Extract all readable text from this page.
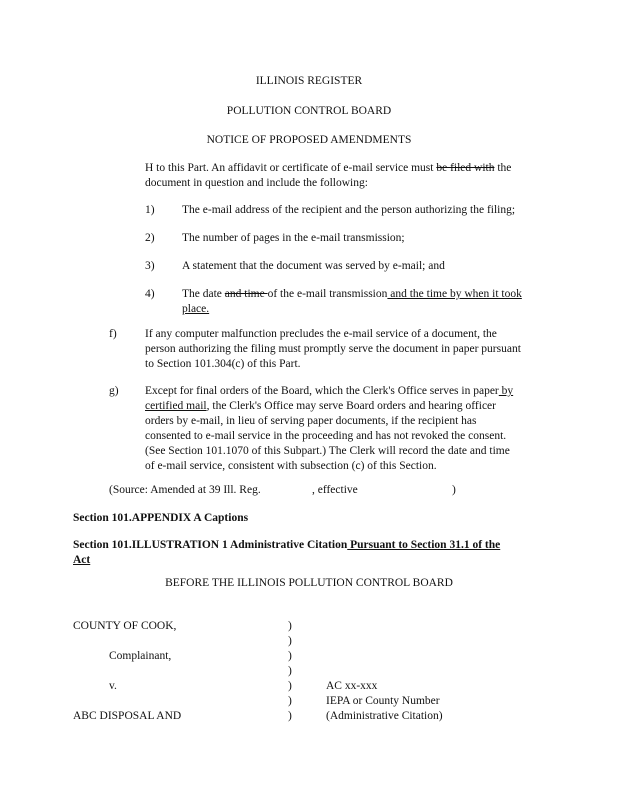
ILLINOIS REGISTER
POLLUTION CONTROL BOARD
NOTICE OF PROPOSED AMENDMENTS
H to this Part. An affidavit or certificate of e-mail service must be filed with the
document in question and include the following:
1) The e-mail address of the recipient and the person authorizing the filing;
2) The number of pages in the e-mail transmission;
3) A statement that the document was served by e-mail; and
4) The date and time of the e-mail transmission and the time by when it took
place.
f) If any computer malfunction precludes the e-mail service of a document, the
person authorizing the filing must promptly serve the document in paper pursuant
to Section 101.304(c) of this Part.
g) Except for final orders of the Board, which the Clerk's Office serves in paper by
certified mail, the Clerk's Office may serve Board orders and hearing officer
orders by e-mail, in lieu of serving paper documents, if the recipient has
consented to e-mail service in the proceeding and has not revoked the consent.
(See Section 101.1070 of this Subpart.) The Clerk will record the date and time
of e-mail service, consistent with subsection (c) of this Section.
(Source: Amended at 39 Ill. Reg.	, effective	)
Section 101.APPENDIX A Captions
Section 101.ILLUSTRATION 1 Administrative Citation Pursuant to Section 31.1 of the
Act
BEFORE THE ILLINOIS POLLUTION CONTROL BOARD
COUNTY OF COOK,
Complainant,
v.
ABC DISPOSAL AND
)
)
)
)
)
)
)
AC xx-xxx
IEPA or County Number
(Administrative Citation)
